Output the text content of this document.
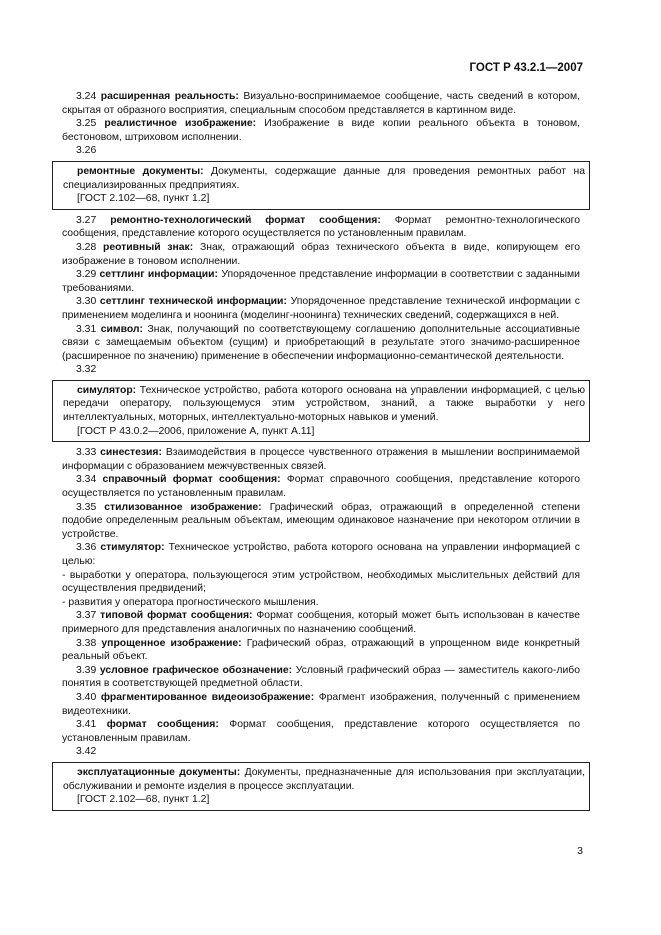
ГОСТ Р 43.2.1—2007

3.24 расширенная реальность: Визуально-воспринимаемое сообщение, часть сведений в котором, скрытая от образного восприятия, специальным способом представляется в картинном виде.

3.25 реалистичное изображение: Изображение в виде копии реального объекта в тоновом, бестоновом, штриховом исполнении.

3.26

ремонтные документы: Документы, содержащие данные для проведения ремонтных работ на специализированных предприятиях.

[ГОСТ 2.102—68, пункт 1.2]

3.27 ремонтно-технологический формат сообщения: Формат ремонтно-технологического сообщения, представление которого осуществляется по установленным правилам.

3.28 реотивный знак: Знак, отражающий образ технического объекта в виде, копирующем его изображение в тоновом исполнении.

3.29 сеттлинг информации: Упорядоченное представление информации в соответствии с заданными требованиями.

3.30 сеттлинг технической информации: Упорядоченное представление технической информации с применением моделинга и ноонинга (моделинг-ноонинга) технических сведений, содержащихся в ней.

3.31 символ: Знак, получающий по соответствующему соглашению дополнительные ассоциативные связи с замещаемым объектом (сущим) и приобретающий в результате этого значимо-расширенное (расширенное по значению) применение в обеспечении информационно-семантической деятельности.

3.32

симулятор: Техническое устройство, работа которого основана на управлении информацией, с целью передачи оператору, пользующемуся этим устройством, знаний, а также выработки у него интеллектуальных, моторных, интеллектуально-моторных навыков и умений.

[ГОСТ Р 43.0.2—2006, приложение А, пункт А.11]

3.33 синестезия: Взаимодействия в процессе чувственного отражения в мышлении воспринимаемой информации с образованием межчувственных связей.

3.34 справочный формат сообщения: Формат справочного сообщения, представление которого осуществляется по установленным правилам.

3.35 стилизованное изображение: Графический образ, отражающий в определенной степени подобие определенным реальным объектам, имеющим одинаковое назначение при некотором отличии в устройстве.

3.36 стимулятор: Техническое устройство, работа которого основана на управлении информацией с целью:

- выработки у оператора, пользующегося этим устройством, необходимых мыслительных действий для осуществления предвидений;

- развития у оператора прогностического мышления.

3.37 типовой формат сообщения: Формат сообщения, который может быть использован в качестве примерного для представления аналогичных по назначению сообщений.

3.38 упрощенное изображение: Графический образ, отражающий в упрощенном виде конкретный реальный объект.

3.39 условное графическое обозначение: Условный графический образ — заместитель какого-либо понятия в соответствующей предметной области.

3.40 фрагментированное видеоизображение: Фрагмент изображения, полученный с применением видеотехники.

3.41 формат сообщения: Формат сообщения, представление которого осуществляется по установленным правилам.

3.42

эксплуатационные документы: Документы, предназначенные для использования при эксплуатации, обслуживании и ремонте изделия в процессе эксплуатации.

[ГОСТ 2.102—68, пункт 1.2]

3
